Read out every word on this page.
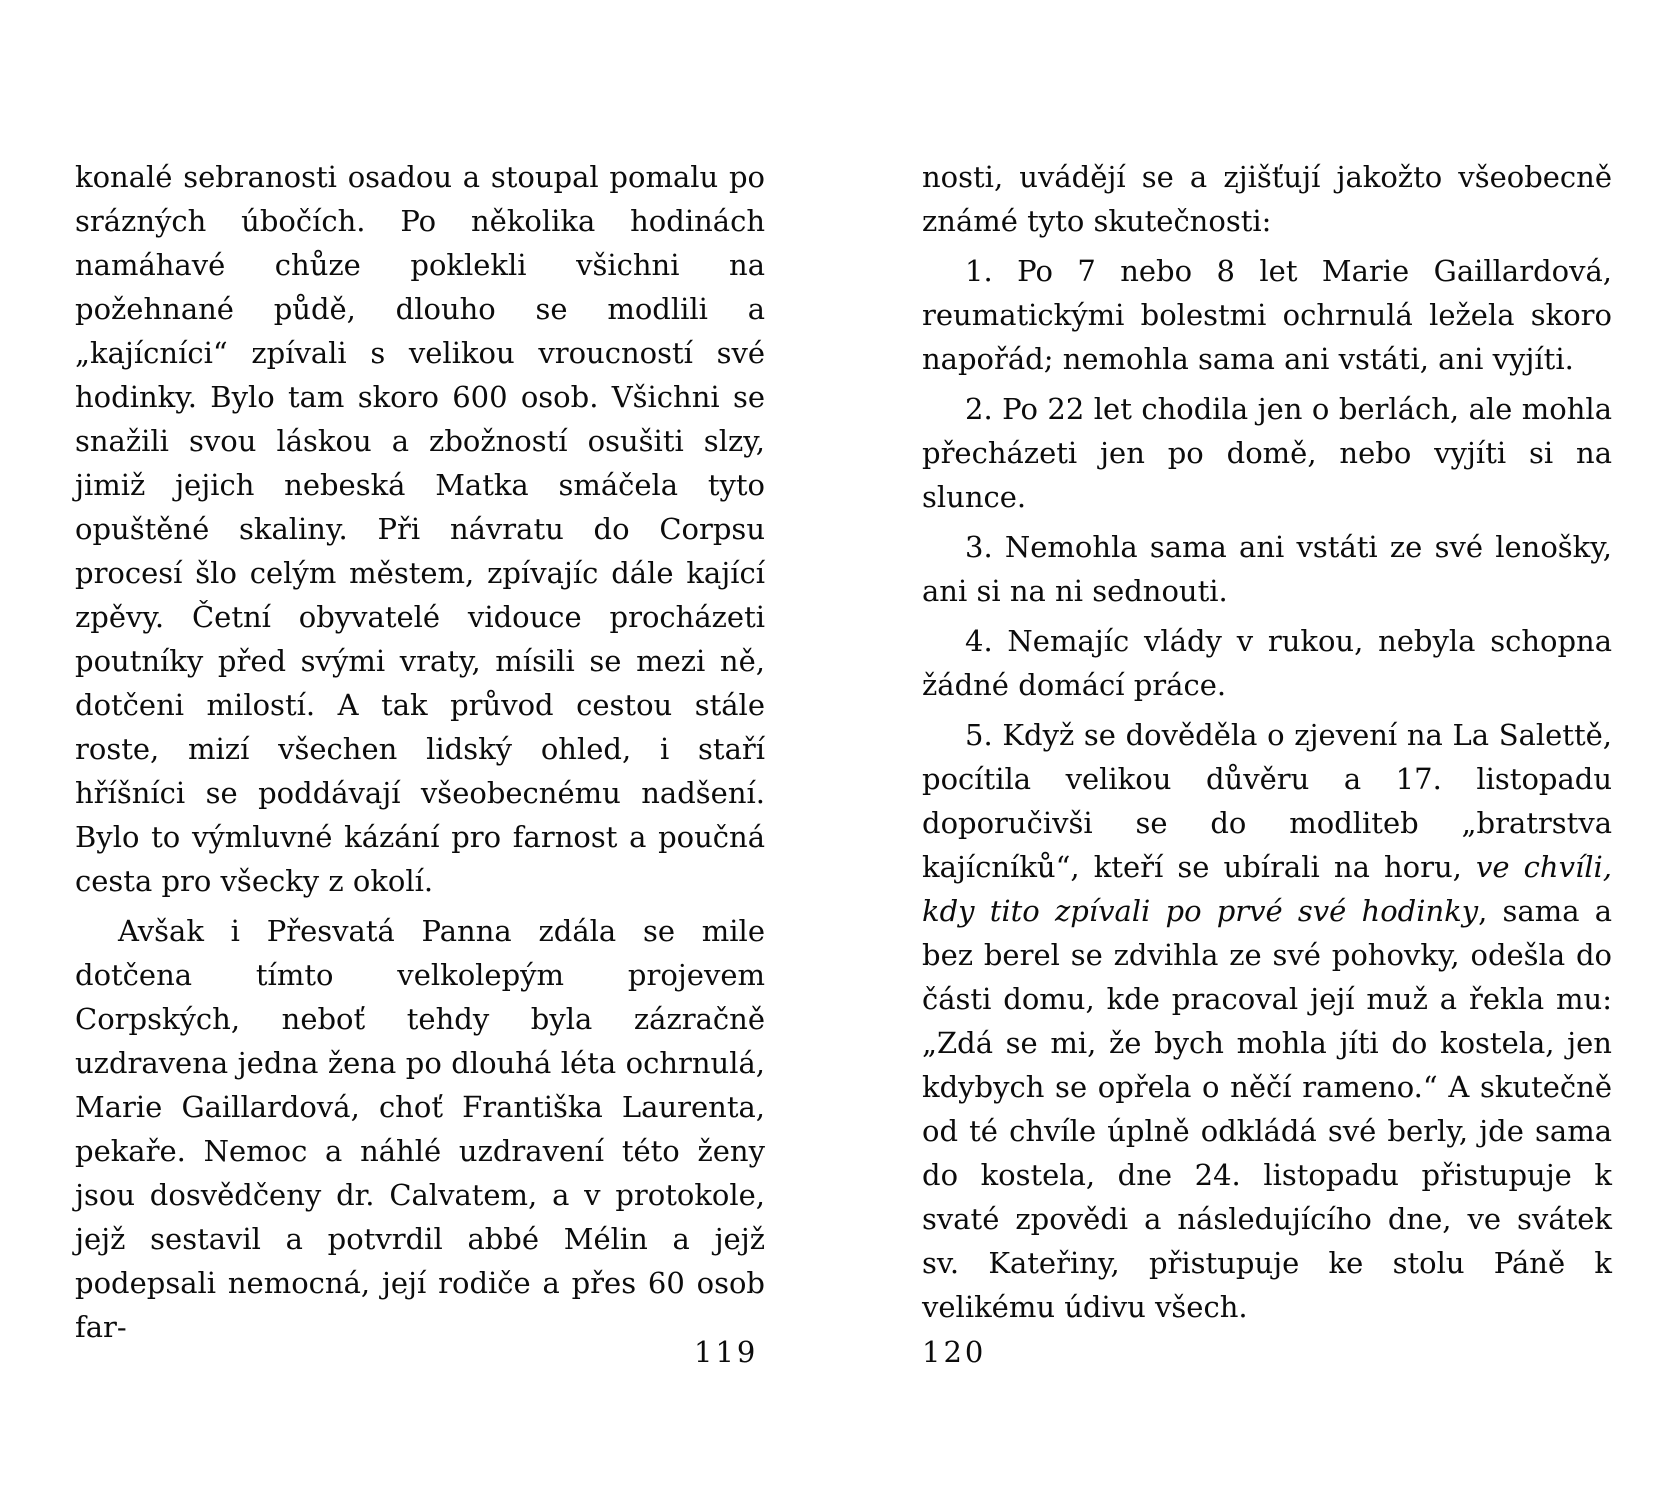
konalé sebranosti osadou a stoupal pomalu po srázných úbočích. Po několika hodinách namáhavé chůze poklekli všichni na požehnané půdě, dlouho se modlili a „kajícníci“ zpívali s velikou vroucností své hodinky. Bylo tam skoro 600 osob. Všichni se snažili svou láskou a zbožností osušiti slzy, jimiž jejich nebeská Matka smáčela tyto opuštěné skaliny. Při návratu do Corpsu procesí šlo celým městem, zpívajíc dále kající zpěvy. Četní obyvatelé vidouce procházeti poutníky před svými vraty, mísili se mezi ně, dotčeni milostí. A tak průvod cestou stále roste, mizí všechen lidský ohled, i staří hříšníci se poddávají všeobecnému nadšení. Bylo to výmluvné kázání pro farnost a poučná cesta pro všecky z okolí.

Avšak i Přesvatá Panna zdála se mile dotčena tímto velkolepým projevem Corpských, neboť tehdy byla zázračně uzdravena jedna žena po dlouhá léta ochrnulá, Marie Gaillardová, choť Františka Laurenta, pekaře. Nemoc a náhlé uzdravení této ženy jsou dosvědčeny dr. Calvatem, a v protokole, jejž sestavil a potvrdil abbé Mélin a jejž podepsali nemocná, její rodiče a přes 60 osob far-

nosti, uvádějí se a zjišťují jakožto všeobecně známé tyto skutečnosti:

1. Po 7 nebo 8 let Marie Gaillardová, reumatickými bolestmi ochrnulá ležela skoro napořád; nemohla sama ani vstáti, ani vyjíti.

2. Po 22 let chodila jen o berlách, ale mohla přecházeti jen po domě, nebo vyjíti si na slunce.

3. Nemohla sama ani vstáti ze své lenošky, ani si na ni sednouti.

4. Nemajíc vlády v rukou, nebyla schopna žádné domácí práce.

5. Když se dověděla o zjevení na La Salettě, pocítila velikou důvěru a 17. listopadu doporučivši se do modliteb „bratrstva kajícníků“, kteří se ubírali na horu, ve chvíli, kdy tito zpívali po prvé své hodinky, sama a bez berel se zdvihla ze své pohovky, odešla do části domu, kde pracoval její muž a řekla mu: „Zdá se mi, že bych mohla jíti do kostela, jen kdybych se opřela o něčí rameno.“ A skutečně od té chvíle úplně odkládá své berly, jde sama do kostela, dne 24. listopadu přistupuje k svaté zpovědi a následujícího dne, ve svátek sv. Kateřiny, přistupuje ke stolu Páně k velikému údivu všech.

119	120
